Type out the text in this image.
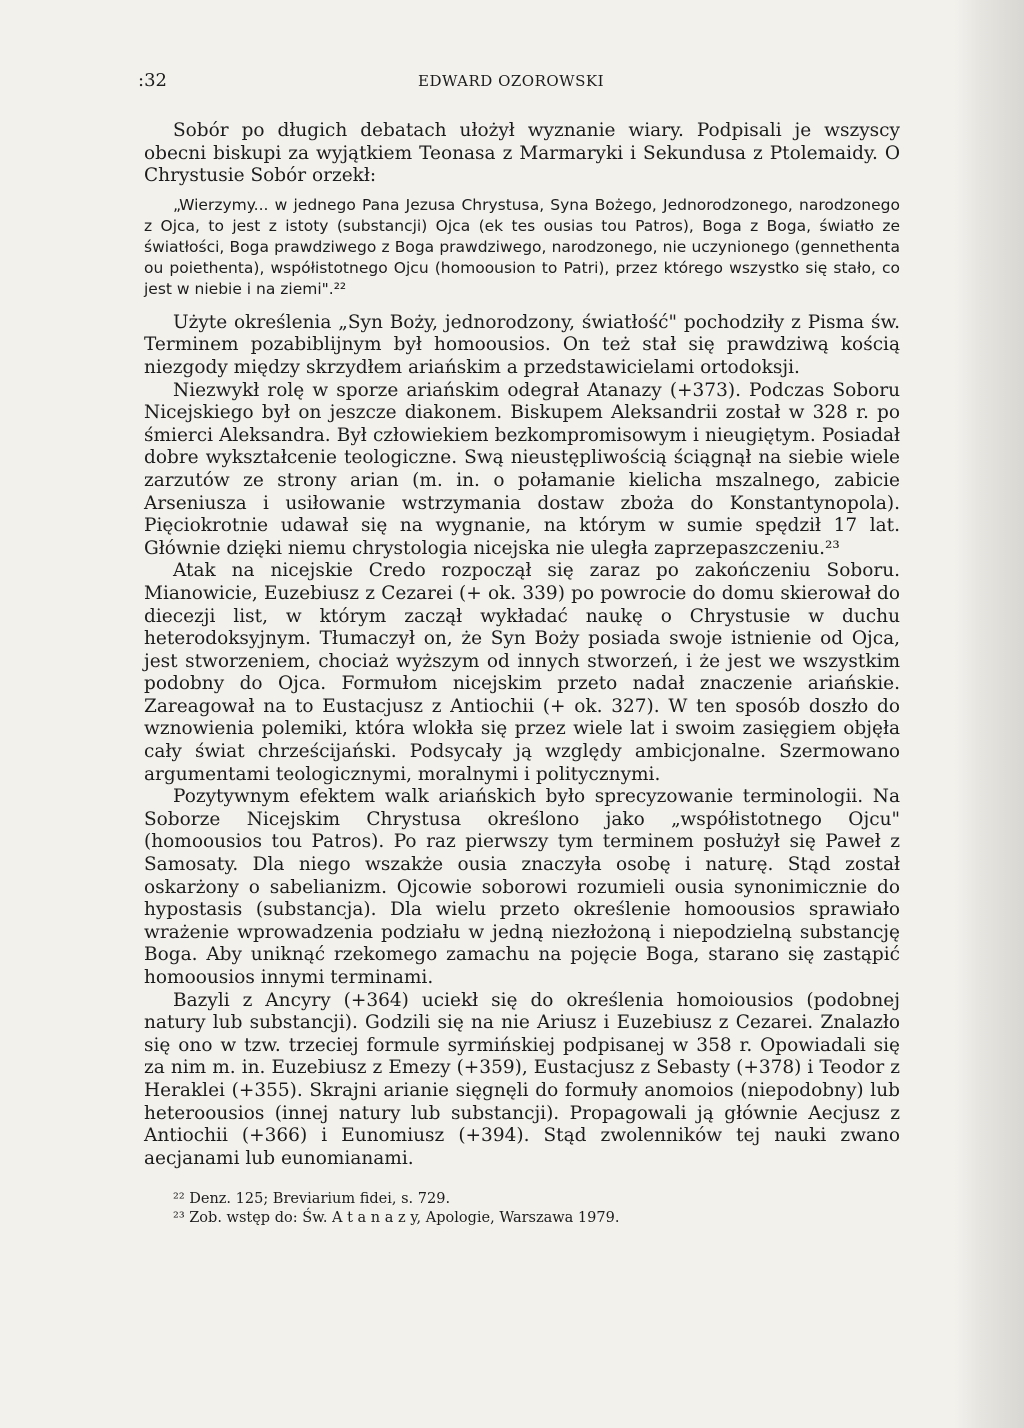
:32	EDWARD OZOROWSKI

Sobór po długich debatach ułożył wyznanie wiary. Podpisali je wszyscy obecni biskupi za wyjątkiem Teonasa z Marmaryki i Sekundusa z Ptolemaidy. O Chrystusie Sobór orzekł:

„Wierzymy... w jednego Pana Jezusa Chrystusa, Syna Bożego, Jednorodzonego, narodzonego z Ojca, to jest z istoty (substancji) Ojca (ek tes ousias tou Patros), Boga z Boga, światło ze światłości, Boga prawdziwego z Boga prawdziwego, narodzonego, nie uczynionego (gennethenta ou poiethenta), współistotnego Ojcu (homoousion to Patri), przez którego wszystko się stało, co jest w niebie i na ziemi".²²

Użyte określenia „Syn Boży, jednorodzony, światłość" pochodziły z Pisma św. Terminem pozabiblijnym był homoousios. On też stał się prawdziwą kością niezgody między skrzydłem ariańskim a przedstawicielami ortodoksji.

Niezwykł rolę w sporze ariańskim odegrał Atanazy (+373). Podczas Soboru Nicejskiego był on jeszcze diakonem. Biskupem Aleksandrii został w 328 r. po śmierci Aleksandra. Był człowiekiem bezkompromisowym i nieugiętym. Posiadał dobre wykształcenie teologiczne. Swą nieustępliwością ściągnął na siebie wiele zarzutów ze strony arian (m. in. o połamanie kielicha mszalnego, zabicie Arseniusza i usiłowanie wstrzymania dostaw zboża do Konstantynopola). Pięciokrotnie udawał się na wygnanie, na którym w sumie spędził 17 lat. Głównie dzięki niemu chrystologia nicejska nie uległa zaprzepaszczeniu.²³

Atak na nicejskie Credo rozpoczął się zaraz po zakończeniu Soboru. Mianowicie, Euzebiusz z Cezarei (+ ok. 339) po powrocie do domu skierował do diecezji list, w którym zaczął wykładać naukę o Chrystusie w duchu heterodoksyjnym. Tłumaczył on, że Syn Boży posiada swoje istnienie od Ojca, jest stworzeniem, chociaż wyższym od innych stworzeń, i że jest we wszystkim podobny do Ojca. Formułom nicejskim przeto nadał znaczenie ariańskie. Zareagował na to Eustacjusz z Antiochii (+ ok. 327). W ten sposób doszło do wznowienia polemiki, która wlokła się przez wiele lat i swoim zasięgiem objęła cały świat chrześcijański. Podsycały ją względy ambicjonalne. Szermowano argumentami teologicznymi, moralnymi i politycznymi.

Pozytywnym efektem walk ariańskich było sprecyzowanie terminologii. Na Soborze Nicejskim Chrystusa określono jako „współistotnego Ojcu" (homoousios tou Patros). Po raz pierwszy tym terminem posłużył się Paweł z Samosaty. Dla niego wszakże ousia znaczyła osobę i naturę. Stąd został oskarżony o sabelianizm. Ojcowie soborowi rozumieli ousia synonimicznie do hypostasis (substancja). Dla wielu przeto określenie homoousios sprawiało wrażenie wprowadzenia podziału w jedną niezłożoną i niepodzielną substancję Boga. Aby uniknąć rzekomego zamachu na pojęcie Boga, starano się zastąpić homoousios innymi terminami.

Bazyli z Ancyry (+364) uciekł się do określenia homoiousios (podobnej natury lub substancji). Godzili się na nie Ariusz i Euzebiusz z Cezarei. Znalazło się ono w tzw. trzeciej formule syrmińskiej podpisanej w 358 r. Opowiadali się za nim m. in. Euzebiusz z Emezy (+359), Eustacjusz z Sebasty (+378) i Teodor z Heraklei (+355). Skrajni arianie sięgnęli do formuły anomoios (niepodobny) lub heteroousios (innej natury lub substancji). Propagowali ją głównie Aecjusz z Antiochii (+366) i Eunomiusz (+394). Stąd zwolenników tej nauki zwano aecjanami lub eunomianami.

²² Denz. 125; Breviarium fidei, s. 729.

²³ Zob. wstęp do: Św. A t a n a z y, Apologie, Warszawa 1979.
